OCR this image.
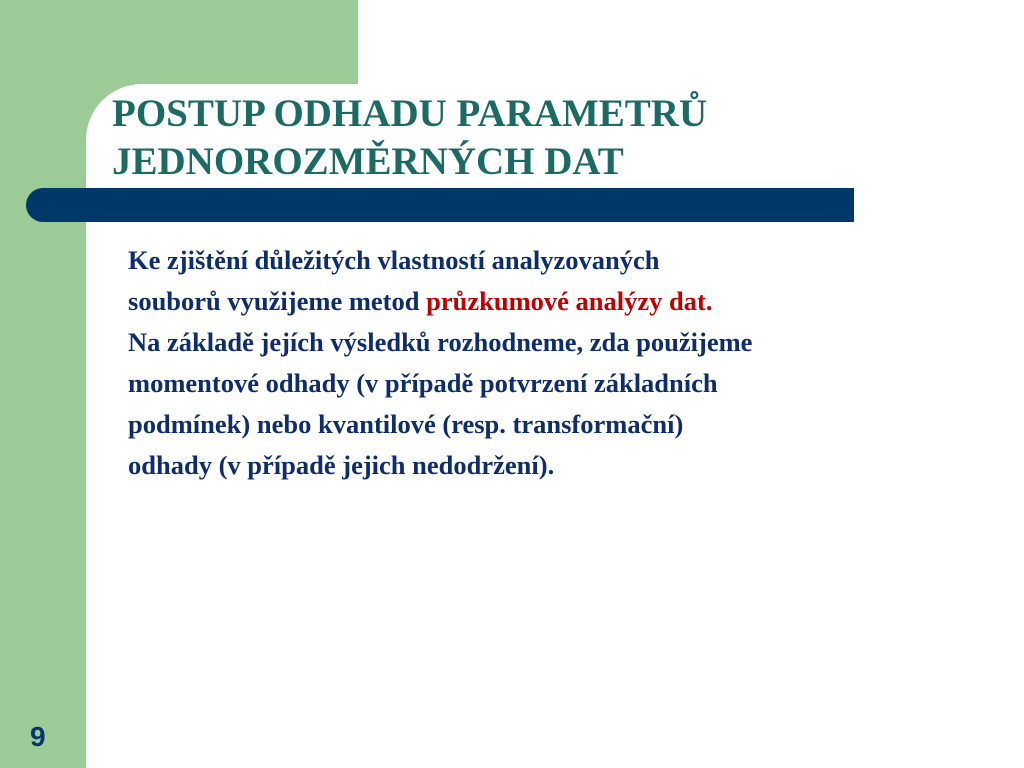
POSTUP ODHADU PARAMETRŮ
JEDNOROZMĚRNÝCH DAT
Ke zjištění důležitých vlastností analyzovaných
souborů využijeme metod průzkumové analýzy dat.
Na základě jejích výsledků rozhodneme, zda použijeme
momentové odhady (v případě potvrzení základních
podmínek) nebo kvantilové (resp. transformační)
odhady (v případě jejich nedodržení).
9
